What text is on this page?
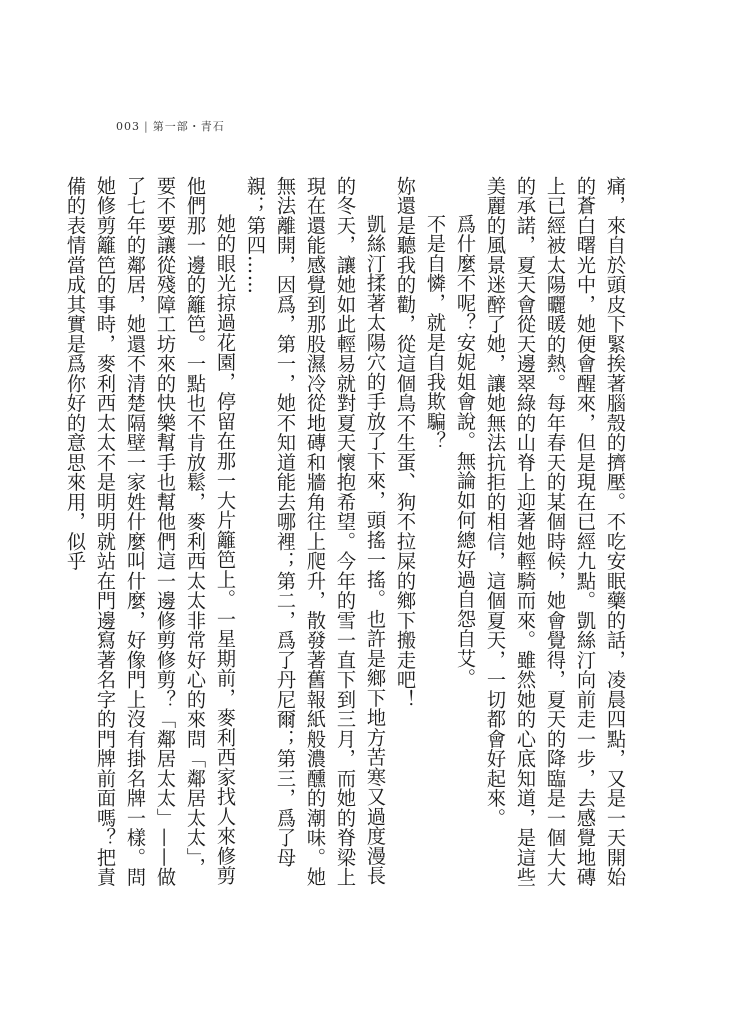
003 | 第一部・青石

痛，來自於頭皮下緊挨著腦殼的擠壓。不吃安眠藥的話，凌晨四點，又是一天開始的蒼白曙光中，她便會醒來，但是現在已經九點。凱絲汀向前走一步，去感覺地磚上已經被太陽曬暖的熱。每年春天的某個時候，她會覺得，夏天的降臨是一個大大的承諾，夏天會從天邊翠綠的山脊上迎著她輕騎而來。雖然她的心底知道，是這些美麗的風景迷醉了她，讓她無法抗拒的相信，這個夏天，一切都會好起來。

爲什麼不呢？安妮姐會說。無論如何總好過自怨自艾。

不是自憐，就是自我欺騙？

妳還是聽我的勸，從這個鳥不生蛋、狗不拉屎的鄉下搬走吧！

凱絲汀揉著太陽穴的手放了下來，頭搖一搖。也許是鄉下地方苦寒又過度漫長的冬天，讓她如此輕易就對夏天懷抱希望。今年的雪一直下到三月，而她的脊梁上現在還能感覺到那股濕冷從地磚和牆角往上爬升，散發著舊報紙般濃醺的潮味。她無法離開，因爲，第一，她不知道能去哪裡；第二，爲了丹尼爾；第三，爲了母親；第四……

她的眼光掠過花園，停留在那一大片籬笆上。一星期前，麥利西家找人來修剪他們那一邊的籬笆。一點也不肯放鬆，麥利西太太非常好心的來問「鄰居太太」，要不要讓從殘障工坊來的快樂幫手也幫他們這一邊修剪修剪？「鄰居太太」——做了七年的鄰居，她還不清楚隔壁一家姓什麼叫什麼，好像門上沒有掛名牌一樣。問她修剪籬笆的事時，麥利西太太不是明明就站在門邊寫著名字的門牌前面嗎？把責備的表情當成其實是爲你好的意思來用，似乎
